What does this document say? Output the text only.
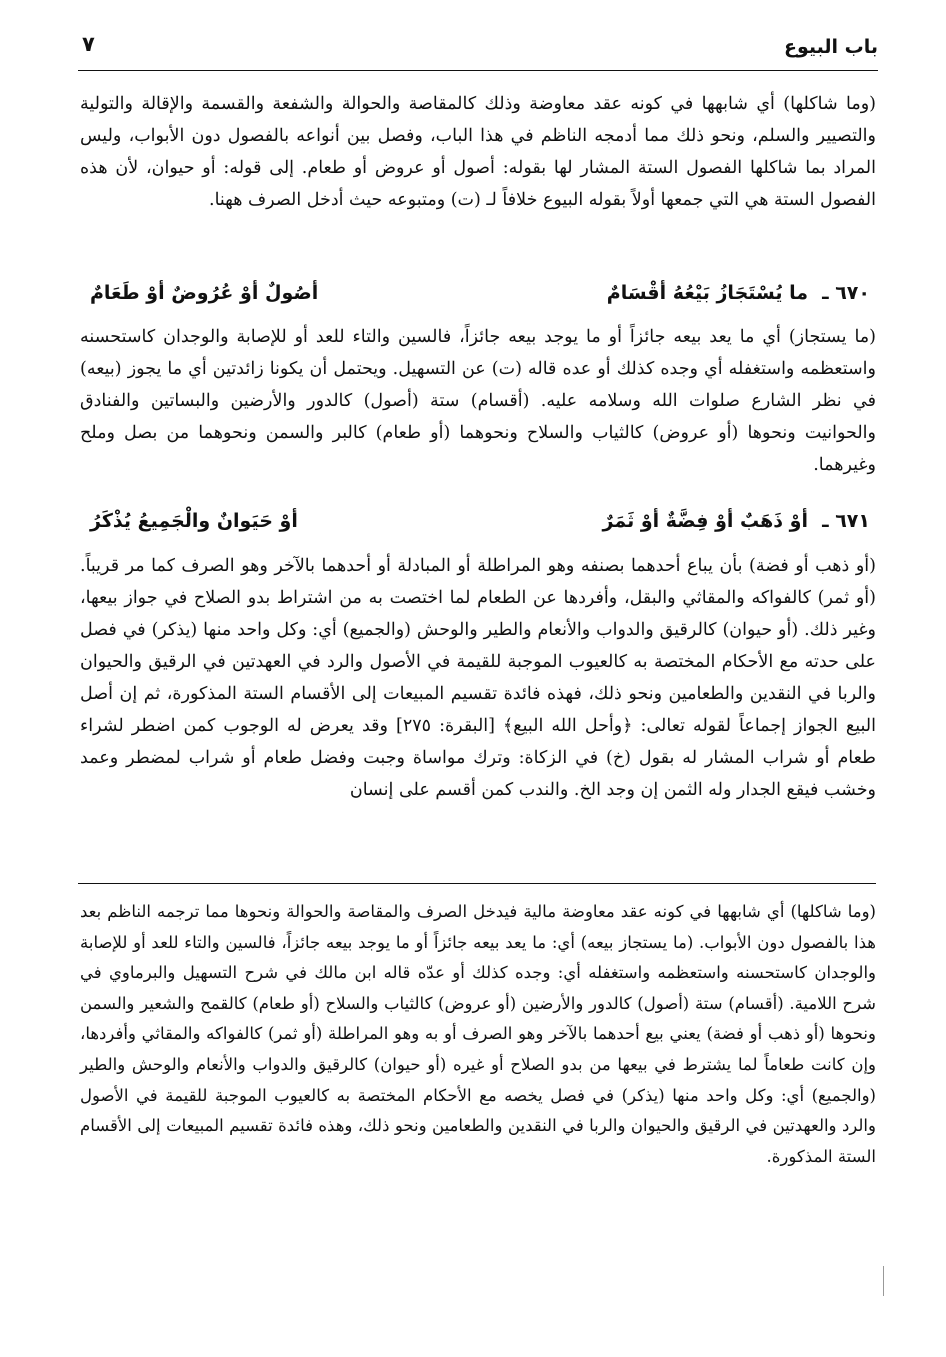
باب البيوع
٧

(وما شاكلها) أي شابهها في كونه عقد معاوضة وذلك كالمقاصة والحوالة والشفعة والقسمة والإقالة والتولية والتصيير والسلم، ونحو ذلك مما أدمجه الناظم في هذا الباب، وفصل بين أنواعه بالفصول دون الأبواب، وليس المراد بما شاكلها الفصول الستة المشار لها بقوله: أصول أو عروض أو طعام. إلى قوله: أو حيوان، لأن هذه الفصول الستة هي التي جمعها أولاً بقوله البيوع خلافاً لـ (ت) ومتبوعه حيث أدخل الصرف ههنا.

٦٧٠ ـ
ما يُسْتَجَازُ بَيْعُهُ أقْسَامٌ
أصُولٌ أوْ عُرُوضٌ أوْ طَعَامٌ

(ما يستجاز) أي ما يعد بيعه جائزاً أو ما يوجد بيعه جائزاً، فالسين والتاء للعد أو للإصابة والوجدان كاستحسنه واستعظمه واستغفله أي وجده كذلك أو عده قاله (ت) عن التسهيل. ويحتمل أن يكونا زائدتين أي ما يجوز (بيعه) في نظر الشارع صلوات الله وسلامه عليه. (أقسام) ستة (أصول) كالدور والأرضين والبساتين والفنادق والحوانيت ونحوها (أو عروض) كالثياب والسلاح ونحوهما (أو طعام) كالبر والسمن ونحوهما من بصل وملح وغيرهما.

٦٧١ ـ
أوْ ذَهَبٌ أوْ فِضَّةٌ أوْ ثَمَرٌ
أوْ حَيَوانٌ والْجَمِيعُ يُذْكَرُ

(أو ذهب أو فضة) بأن يباع أحدهما بصنفه وهو المراطلة أو المبادلة أو أحدهما بالآخر وهو الصرف كما مر قريباً. (أو ثمر) كالفواكه والمقاثي والبقل، وأفردها عن الطعام لما اختصت به من اشتراط بدو الصلاح في جواز بيعها، وغير ذلك. (أو حيوان) كالرقيق والدواب والأنعام والطير والوحش (والجميع) أي: وكل واحد منها (يذكر) في فصل على حدته مع الأحكام المختصة به كالعيوب الموجبة للقيمة في الأصول والرد في العهدتين في الرقيق والحيوان والربا في النقدين والطعامين ونحو ذلك، فهذه فائدة تقسيم المبيعات إلى الأقسام الستة المذكورة، ثم إن أصل البيع الجواز إجماعاً لقوله تعالى: ﴿وأحل الله البيع﴾ [البقرة: ٢٧٥] وقد يعرض له الوجوب كمن اضطر لشراء طعام أو شراب المشار له بقول (خ) في الزكاة: وترك مواساة وجبت وفضل طعام أو شراب لمضطر وعمد وخشب فيقع الجدار وله الثمن إن وجد الخ. والندب كمن أقسم على إنسان

(وما شاكلها) أي شابهها في كونه عقد معاوضة مالية فيدخل الصرف والمقاصة والحوالة ونحوها مما ترجمه الناظم بعد هذا بالفصول دون الأبواب. (ما يستجاز بيعه) أي: ما يعد بيعه جائزاً أو ما يوجد بيعه جائزاً، فالسين والتاء للعد أو للإصابة والوجدان كاستحسنه واستعظمه واستغفله أي: وجده كذلك أو عدّه قاله ابن مالك في شرح التسهيل والبرماوي في شرح اللامية. (أقسام) ستة (أصول) كالدور والأرضين (أو عروض) كالثياب والسلاح (أو طعام) كالقمح والشعير والسمن ونحوها (أو ذهب أو فضة) يعني بيع أحدهما بالآخر وهو الصرف أو به وهو المراطلة (أو ثمر) كالفواكه والمقاثي وأفردها، وإن كانت طعاماً لما يشترط في بيعها من بدو الصلاح أو غيره (أو حيوان) كالرقيق والدواب والأنعام والوحش والطير (والجميع) أي: وكل واحد منها (يذكر) في فصل يخصه مع الأحكام المختصة به كالعيوب الموجبة للقيمة في الأصول والرد والعهدتين في الرقيق والحيوان والربا في النقدين والطعامين ونحو ذلك، وهذه فائدة تقسيم المبيعات إلى الأقسام الستة المذكورة.
